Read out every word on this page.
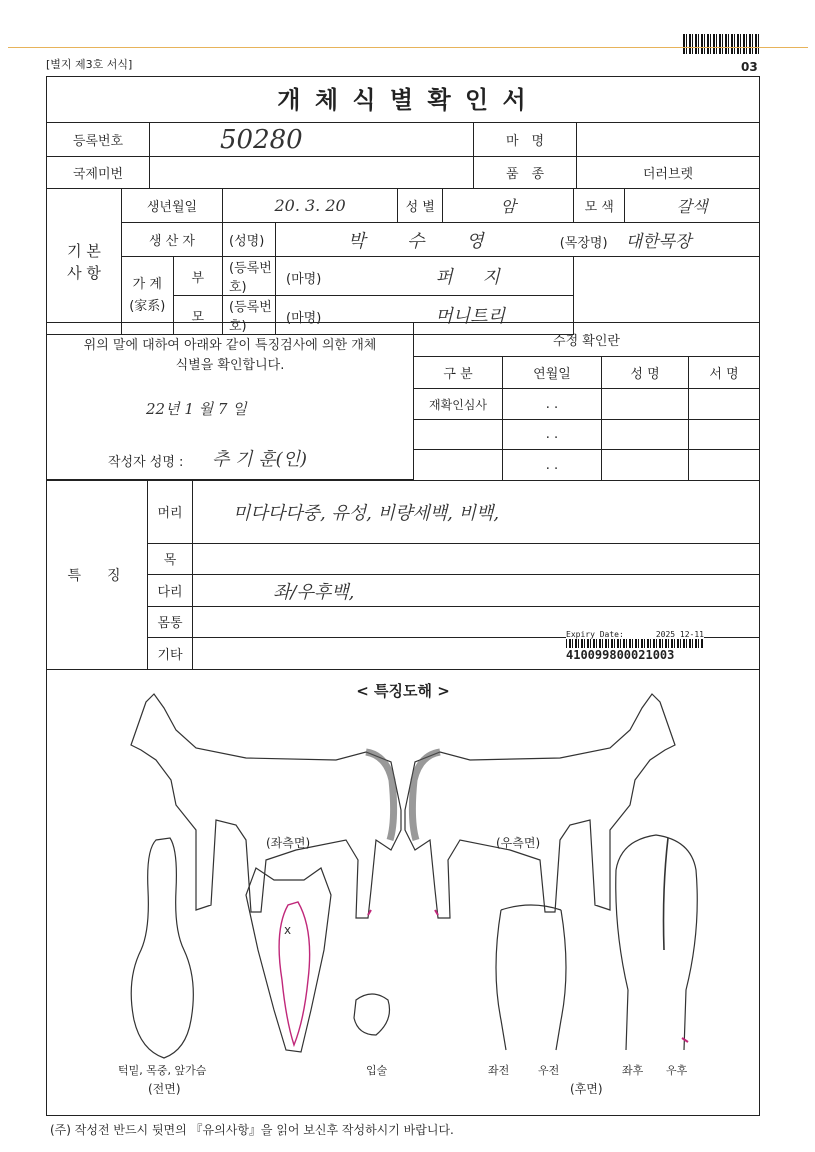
[별지 제3호 서식]	03
개 체 식 별 확 인 서
등록번호	50280	마　명	
국제미번		품　종	더러브렛
기 본 사 항	생년월일		20. 3. 20		성 별	암	모 색	갈색
	생 산 자		(성명)	박 수 영			(목장명) 대한목장	
	가 계
(家系)	부	(등록번호)	(마명) 퍼 지			
		모	(등록번호)	(마명) 머니트리			
위의 말에 대하여 아래와 같이 특징검사에 의한 개체식별을 확인합니다.
22년 1 월 7 일
작성자 성명 : 추 기 훈(인)
수정 확인란			
구 분	연월일	성 명	서 명
재확인심사	. .		
	. .		
	. .		
특　징	머리	미다다다중, 유성, 비량세백, 비백,
	목	
	다리	좌/우후백,
	몸통	
	기타	
Expiry Date:	2025 12-11
410099800021003
< 특징도해 >
x
(좌측면)	(우측면)
턱밑, 목중, 앞가슴
(전면)
입술	좌전	우전	좌후 우후
(후면)
(주) 작성전 반드시 뒷면의 『유의사항』을 읽어 보신후 작성하시기 바랍니다.
